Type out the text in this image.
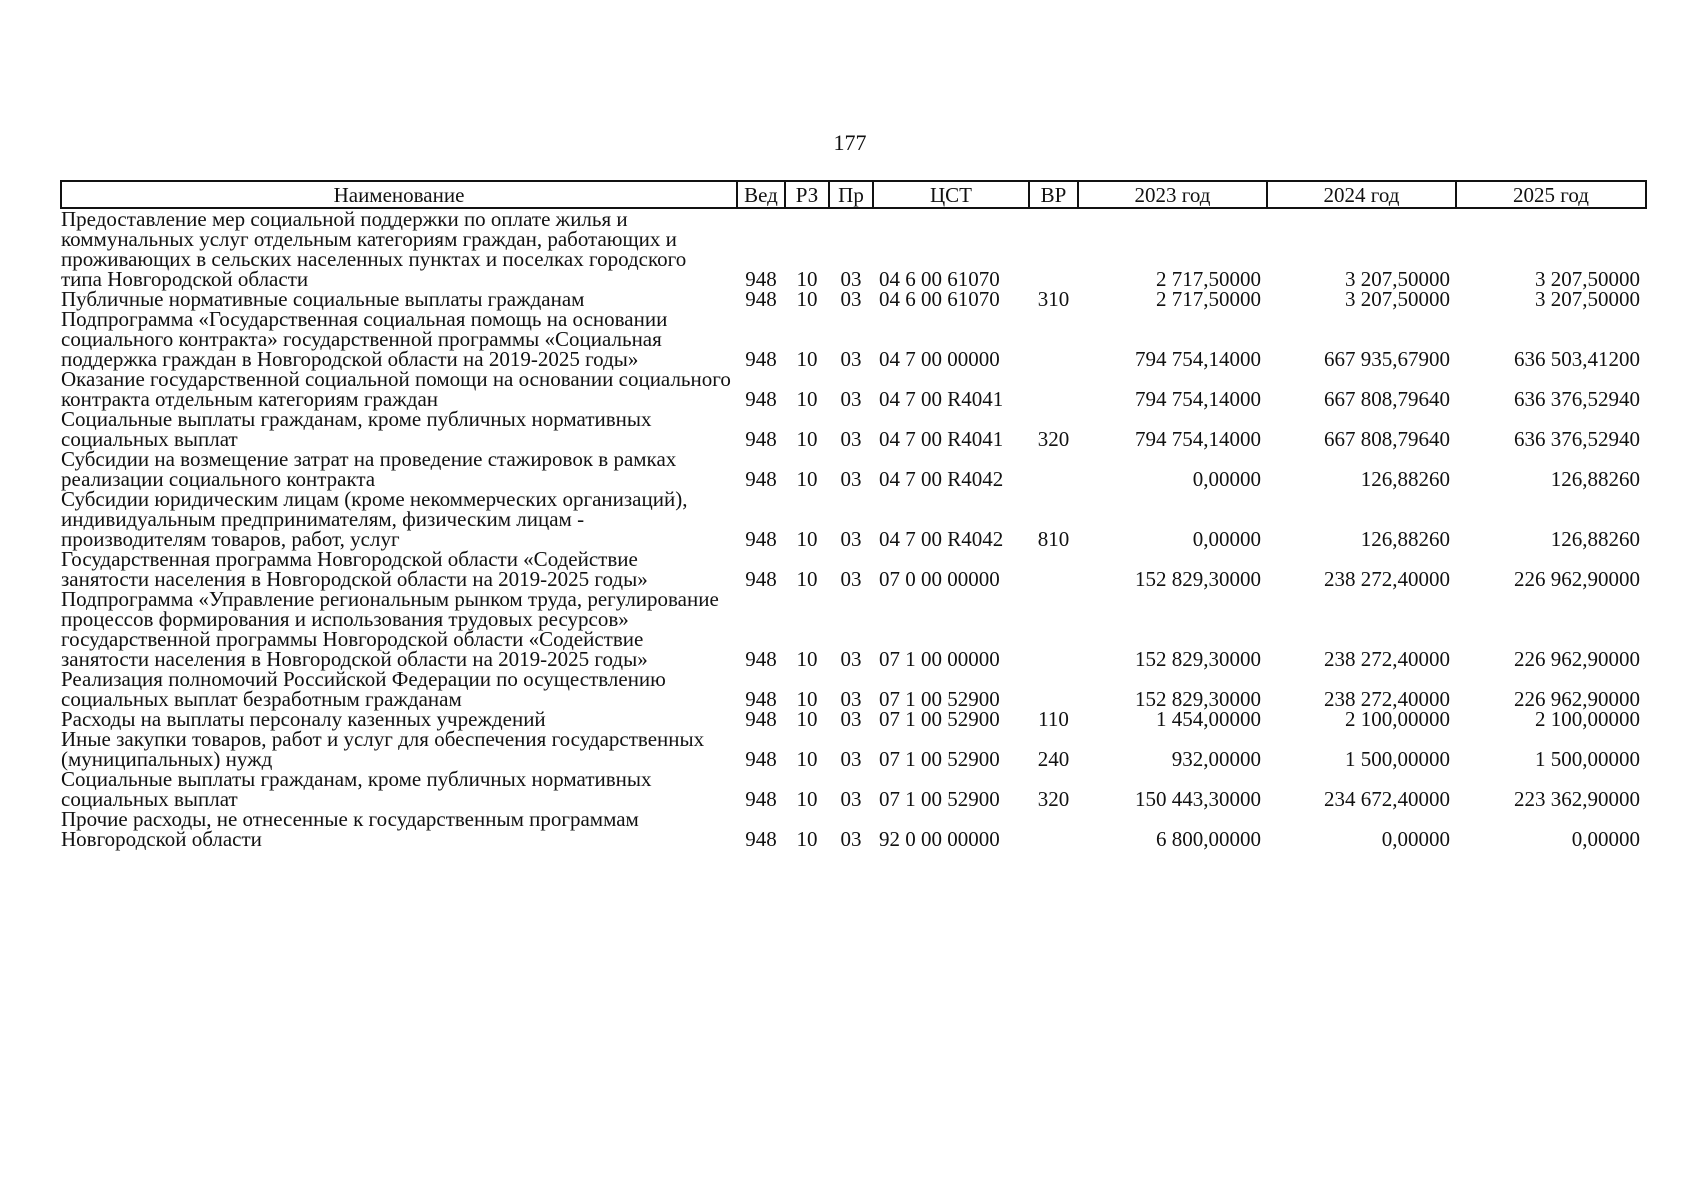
177
Наименование	Вед	РЗ	Пр	ЦСТ	ВР	2023 год	2024 год	2025 год
Предоставление мер социальной поддержки по оплате жилья и коммунальных услуг отдельным категориям граждан, работающих и проживающих в сельских населенных пунктах и поселках городского типа Новгородской области	948	10	03	04 6 00 61070		2 717,50000	3 207,50000	3 207,50000
Публичные нормативные социальные выплаты гражданам	948	10	03	04 6 00 61070	310	2 717,50000	3 207,50000	3 207,50000
Подпрограмма «Государственная социальная помощь на основании социального контракта» государственной программы «Социальная поддержка граждан в Новгородской области на 2019-2025 годы»	948	10	03	04 7 00 00000		794 754,14000	667 935,67900	636 503,41200
Оказание государственной социальной помощи на основании социального контракта отдельным категориям граждан	948	10	03	04 7 00 R4041		794 754,14000	667 808,79640	636 376,52940
Социальные выплаты гражданам, кроме публичных нормативных социальных выплат	948	10	03	04 7 00 R4041	320	794 754,14000	667 808,79640	636 376,52940
Субсидии на возмещение затрат на проведение стажировок в рамках реализации социального контракта	948	10	03	04 7 00 R4042		0,00000	126,88260	126,88260
Субсидии юридическим лицам (кроме некоммерческих организаций), индивидуальным предпринимателям, физическим лицам - производителям товаров, работ, услуг	948	10	03	04 7 00 R4042	810	0,00000	126,88260	126,88260
Государственная программа Новгородской области «Содействие занятости населения в Новгородской области на 2019-2025 годы»	948	10	03	07 0 00 00000		152 829,30000	238 272,40000	226 962,90000
Подпрограмма «Управление региональным рынком труда, регулирование процессов формирования и использования трудовых ресурсов» государственной программы Новгородской области «Содействие занятости населения в Новгородской области на 2019-2025 годы»	948	10	03	07 1 00 00000		152 829,30000	238 272,40000	226 962,90000
Реализация полномочий Российской Федерации по осуществлению социальных выплат безработным гражданам	948	10	03	07 1 00 52900		152 829,30000	238 272,40000	226 962,90000
Расходы на выплаты персоналу казенных учреждений	948	10	03	07 1 00 52900	110	1 454,00000	2 100,00000	2 100,00000
Иные закупки товаров, работ и услуг для обеспечения государственных (муниципальных) нужд	948	10	03	07 1 00 52900	240	932,00000	1 500,00000	1 500,00000
Социальные выплаты гражданам, кроме публичных нормативных социальных выплат	948	10	03	07 1 00 52900	320	150 443,30000	234 672,40000	223 362,90000
Прочие расходы, не отнесенные к государственным программам Новгородской области	948	10	03	92 0 00 00000		6 800,00000	0,00000	0,00000
